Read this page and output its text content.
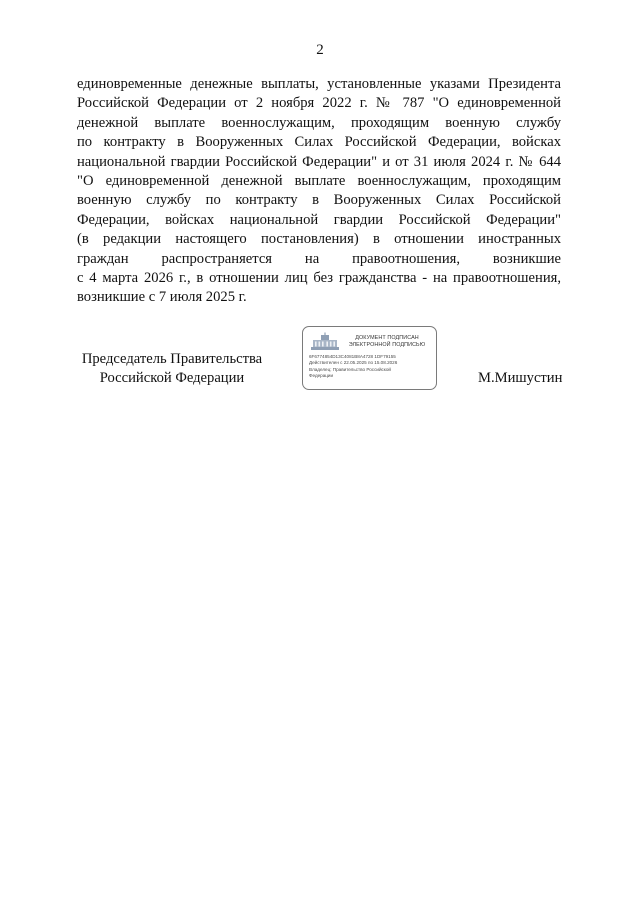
2
единовременные денежные выплаты, установленные указами Президента
Российской Федерации от 2 ноября 2022 г. № 787 "О единовременной
денежной выплате военнослужащим, проходящим военную службу
по контракту в Вооруженных Силах Российской Федерации, войсках
национальной гвардии Российской Федерации" и от 31 июля 2024 г. № 644
"О единовременной денежной выплате военнослужащим, проходящим
военную службу по контракту в Вооруженных Силах Российской
Федерации, войсках национальной гвардии Российской Федерации"
(в редакции настоящего постановления) в отношении иностранных
граждан распространяется на правоотношения, возникшие
с 4 марта 2026 г., в отношении лиц без гражданства - на правоотношения,
возникшие с 7 июля 2025 г.
Председатель Правительства
Российской Федерации
ДОКУМЕНТ ПОДПИСАН
ЭЛЕКТРОННОЙ ПОДПИСЬЮ
6F6774854D13C4081B8A4728 1DF79155
Действителен с 22.05.2025 по 15.08.2026
Владелец: Правительство Российской
Федерации	М.Мишустин
